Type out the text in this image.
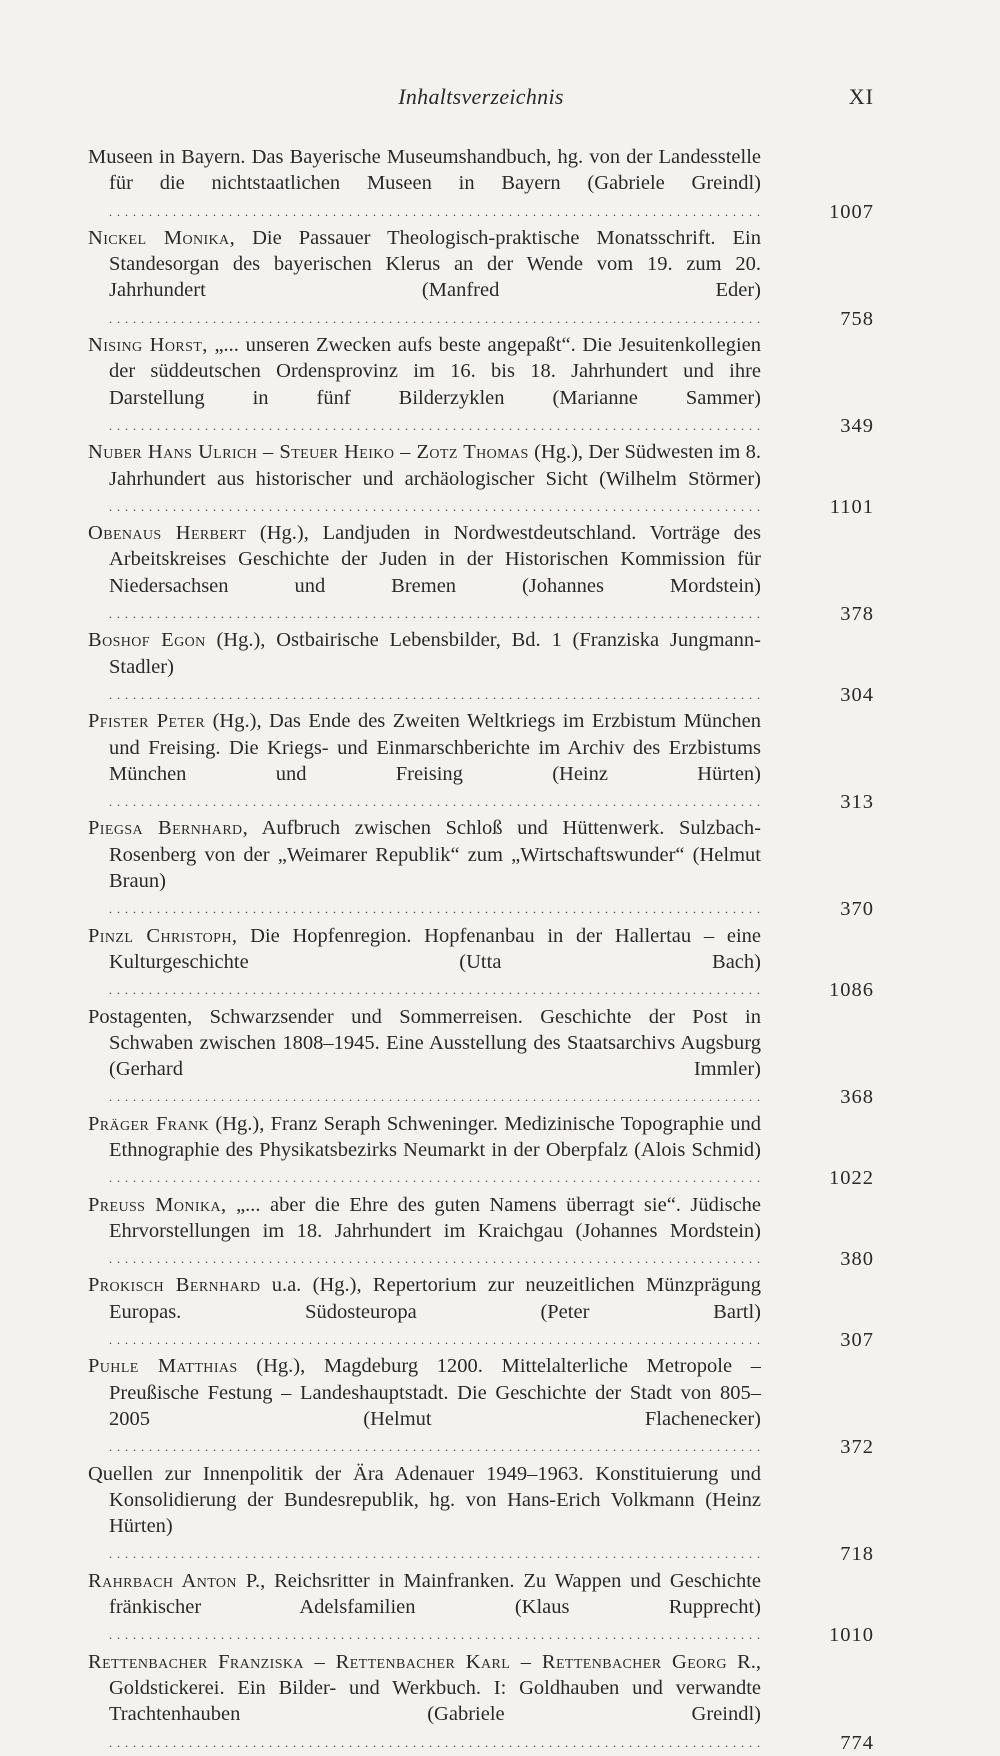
Inhaltsverzeichnis	XI
Museen in Bayern. Das Bayerische Museumshandbuch, hg. von der Landesstelle für die nichtstaatlichen Museen in Bayern (Gabriele Greindl) . . .
1007
Nickel Monika, Die Passauer Theologisch-praktische Monatsschrift. Ein Standesorgan des bayerischen Klerus an der Wende vom 19. zum 20. Jahrhundert (Manfred Eder) . . .
758
Nising Horst, „... unseren Zwecken aufs beste angepaßt“. Die Jesuitenkollegien der süddeutschen Ordensprovinz im 16. bis 18. Jahrhundert und ihre Darstellung in fünf Bilderzyklen (Marianne Sammer) . . .
349
Nuber Hans Ulrich – Steuer Heiko – Zotz Thomas (Hg.), Der Südwesten im 8. Jahrhundert aus historischer und archäologischer Sicht (Wilhelm Störmer) . . .
1101
Obenaus Herbert (Hg.), Landjuden in Nordwestdeutschland. Vorträge des Arbeitskreises Geschichte der Juden in der Historischen Kommission für Niedersachsen und Bremen (Johannes Mordstein) . . .
378
Boshof Egon (Hg.), Ostbairische Lebensbilder, Bd. 1 (Franziska Jungmann-Stadler) . . .
304
Pfister Peter (Hg.), Das Ende des Zweiten Weltkriegs im Erzbistum München und Freising. Die Kriegs- und Einmarschberichte im Archiv des Erzbistums München und Freising (Heinz Hürten) . . .
313
Piegsa Bernhard, Aufbruch zwischen Schloß und Hüttenwerk. Sulzbach-Rosenberg von der „Weimarer Republik“ zum „Wirtschaftswunder“ (Helmut Braun) . . .
370
Pinzl Christoph, Die Hopfenregion. Hopfenanbau in der Hallertau – eine Kulturgeschichte (Utta Bach) . . .
1086
Postagenten, Schwarzsender und Sommerreisen. Geschichte der Post in Schwaben zwischen 1808–1945. Eine Ausstellung des Staatsarchivs Augsburg (Gerhard Immler) . . .
368
Präger Frank (Hg.), Franz Seraph Schweninger. Medizinische Topographie und Ethnographie des Physikatsbezirks Neumarkt in der Oberpfalz (Alois Schmid) . . .
1022
Preuss Monika, „... aber die Ehre des guten Namens überragt sie“. Jüdische Ehrvorstellungen im 18. Jahrhundert im Kraichgau (Johannes Mordstein) . . .
380
Prokisch Bernhard u.a. (Hg.), Repertorium zur neuzeitlichen Münzprägung Europas. Südosteuropa (Peter Bartl) . . .
307
Puhle Matthias (Hg.), Magdeburg 1200. Mittelalterliche Metropole – Preußische Festung – Landeshauptstadt. Die Geschichte der Stadt von 805–2005 (Helmut Flachenecker) . . .
372
Quellen zur Innenpolitik der Ära Adenauer 1949–1963. Konstituierung und Konsolidierung der Bundesrepublik, hg. von Hans-Erich Volkmann (Heinz Hürten) . . .
718
Rahrbach Anton P., Reichsritter in Mainfranken. Zu Wappen und Geschichte fränkischer Adelsfamilien (Klaus Rupprecht) . . .
1010
Rettenbacher Franziska – Rettenbacher Karl – Rettenbacher Georg R., Goldstickerei. Ein Bilder- und Werkbuch. I: Goldhauben und verwandte Trachtenhauben (Gabriele Greindl) . . .
774
